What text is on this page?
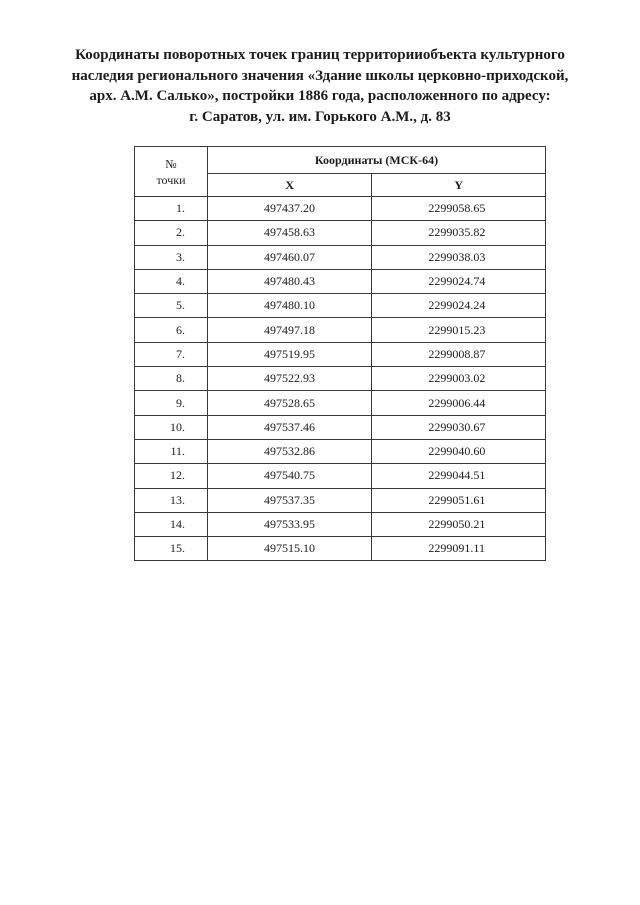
Координаты поворотных точек границ территорииобъекта культурного
наследия регионального значения «Здание школы церковно-приходской,
арх. А.М. Салько», постройки 1886 года, расположенного по адресу:
г. Саратов, ул. им. Горького А.М., д. 83
№
точки	Координаты (МСК-64)	
	X	Y
1.	497437.20	2299058.65
2.	497458.63	2299035.82
3.	497460.07	2299038.03
4.	497480.43	2299024.74
5.	497480.10	2299024.24
6.	497497.18	2299015.23
7.	497519.95	2299008.87
8.	497522.93	2299003.02
9.	497528.65	2299006.44
10.	497537.46	2299030.67
11.	497532.86	2299040.60
12.	497540.75	2299044.51
13.	497537.35	2299051.61
14.	497533.95	2299050.21
15.	497515.10	2299091.11
